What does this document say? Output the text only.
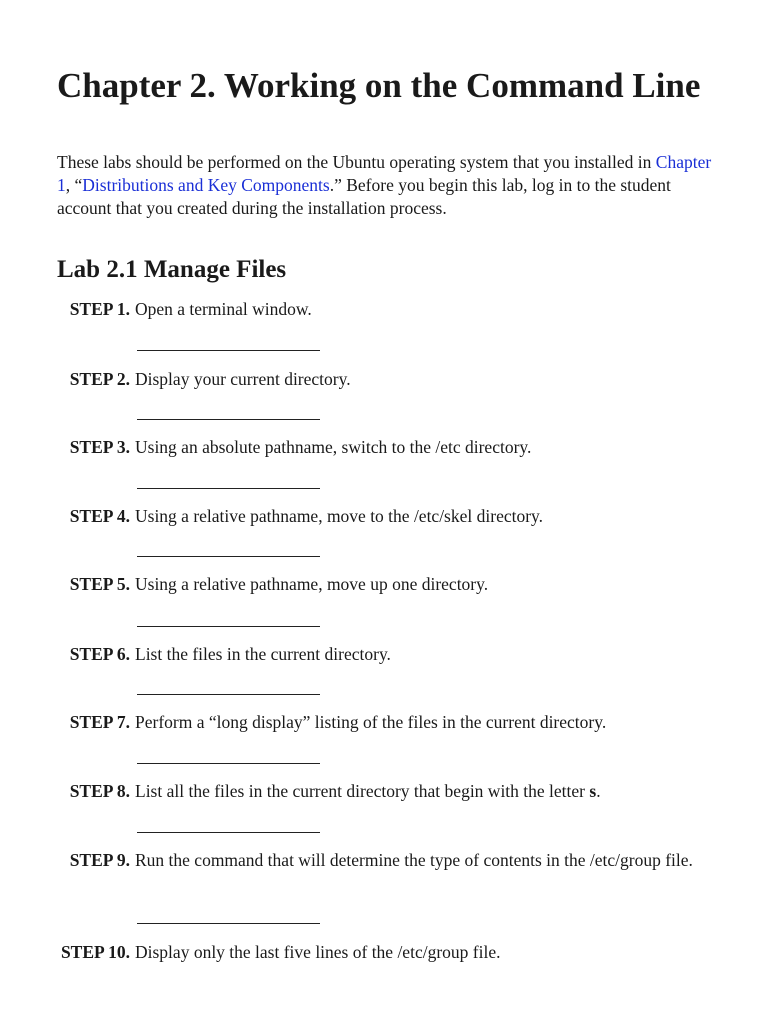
Chapter 2. Working on the Command Line

These labs should be performed on the Ubuntu operating system that you installed in Chapter 1, “Distributions and Key Components.” Before you begin this lab, log in to the student account that you created during the installation process.

Lab 2.1 Manage Files
STEP 1. Open a terminal window.
STEP 2. Display your current directory.
STEP 3. Using an absolute pathname, switch to the /etc directory.
STEP 4. Using a relative pathname, move to the /etc/skel directory.
STEP 5. Using a relative pathname, move up one directory.
STEP 6. List the files in the current directory.
STEP 7. Perform a “long display” listing of the files in the current directory.
STEP 8. List all the files in the current directory that begin with the letter s.
STEP 9. Run the command that will determine the type of contents in the /etc/group file.
STEP 10. Display only the last five lines of the /etc/group file.
